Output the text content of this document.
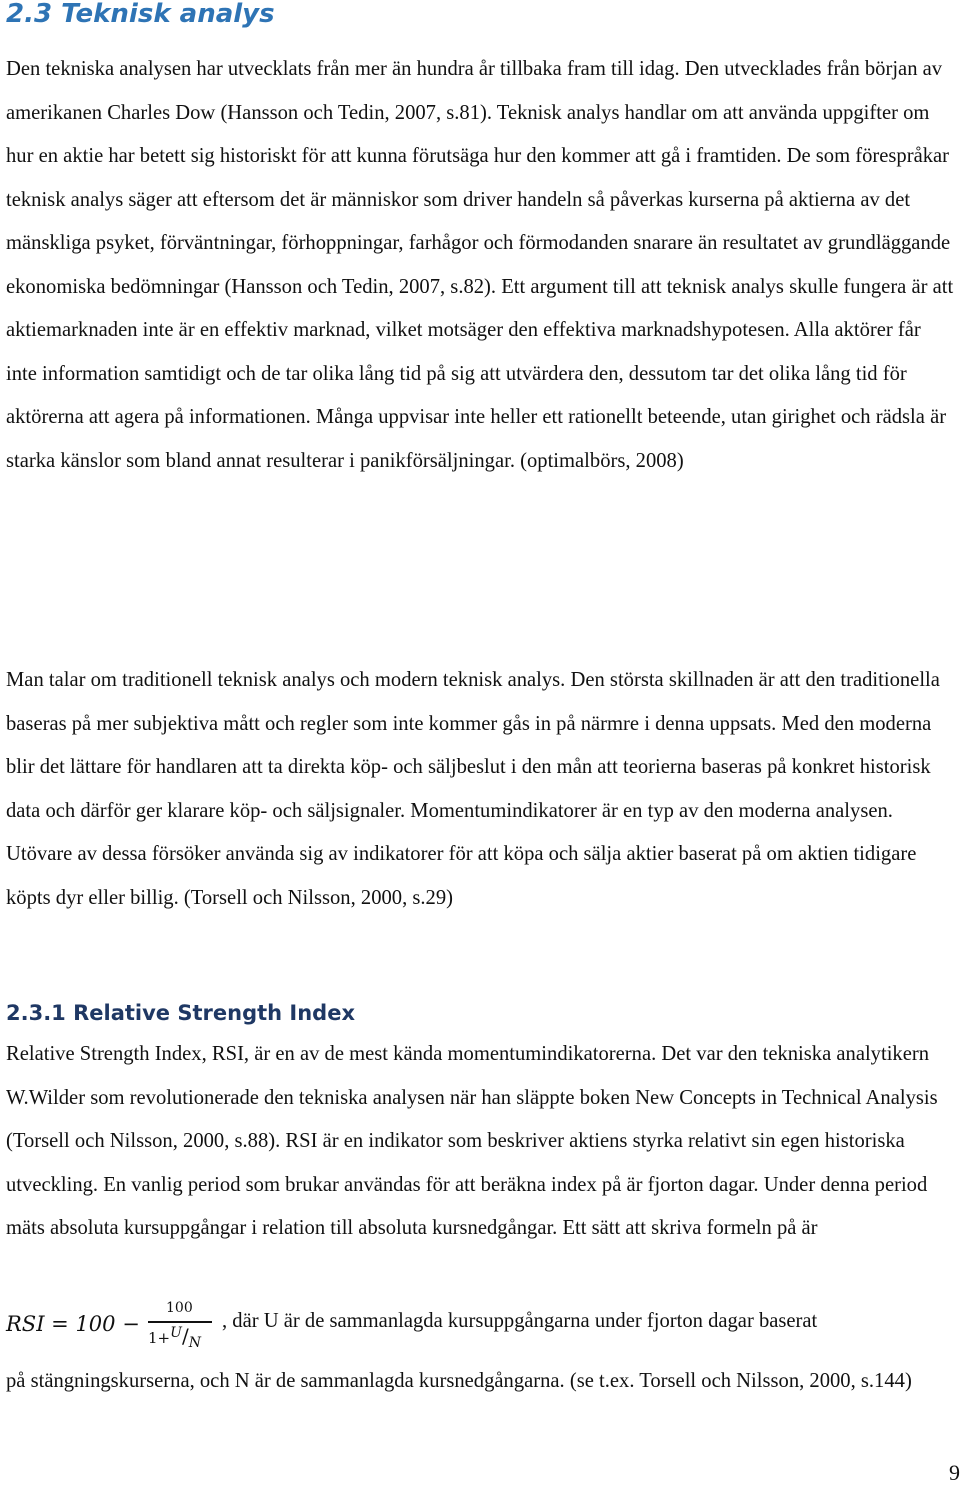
2.3 Teknisk analys

Den tekniska analysen har utvecklats från mer än hundra år tillbaka fram till idag. Den utvecklades från början av amerikanen Charles Dow (Hansson och Tedin, 2007, s.81). Teknisk analys handlar om att använda uppgifter om hur en aktie har betett sig historiskt för att kunna förutsäga hur den kommer att gå i framtiden. De som förespråkar teknisk analys säger att eftersom det är människor som driver handeln så påverkas kurserna på aktierna av det mänskliga psyket, förväntningar, förhoppningar, farhågor och förmodanden snarare än resultatet av grundläggande ekonomiska bedömningar (Hansson och Tedin, 2007, s.82). Ett argument till att teknisk analys skulle fungera är att aktiemarknaden inte är en effektiv marknad, vilket motsäger den effektiva marknadshypotesen. Alla aktörer får inte information samtidigt och de tar olika lång tid på sig att utvärdera den, dessutom tar det olika lång tid för aktörerna att agera på informationen. Många uppvisar inte heller ett rationellt beteende, utan girighet och rädsla är starka känslor som bland annat resulterar i panikförsäljningar. (optimalbörs, 2008)

Man talar om traditionell teknisk analys och modern teknisk analys. Den största skillnaden är att den traditionella baseras på mer subjektiva mått och regler som inte kommer gås in på närmre i denna uppsats. Med den moderna blir det lättare för handlaren att ta direkta köp- och säljbeslut i den mån att teorierna baseras på konkret historisk data och därför ger klarare köp- och säljsignaler. Momentumindikatorer är en typ av den moderna analysen. Utövare av dessa försöker använda sig av indikatorer för att köpa och sälja aktier baserat på om aktien tidigare köpts dyr eller billig. (Torsell och Nilsson, 2000, s.29)

2.3.1 Relative Strength Index

Relative Strength Index, RSI, är en av de mest kända momentumindikatorerna. Det var den tekniska analytikern W.Wilder som revolutionerade den tekniska analysen när han släppte boken New Concepts in Technical Analysis (Torsell och Nilsson, 2000, s.88). RSI är en indikator som beskriver aktiens styrka relativt sin egen historiska utveckling. En vanlig period som brukar användas för att beräkna index på är fjorton dagar. Under denna period mäts absoluta kursuppgångar i relation till absoluta kursnedgångar. Ett sätt att skriva formeln på är

RSI = 100 −
100
1+U/N
, där U är de sammanlagda kursuppgångarna under fjorton dagar baserat

på stängningskurserna, och N är de sammanlagda kursnedgångarna. (se t.ex. Torsell och Nilsson, 2000, s.144)

9
